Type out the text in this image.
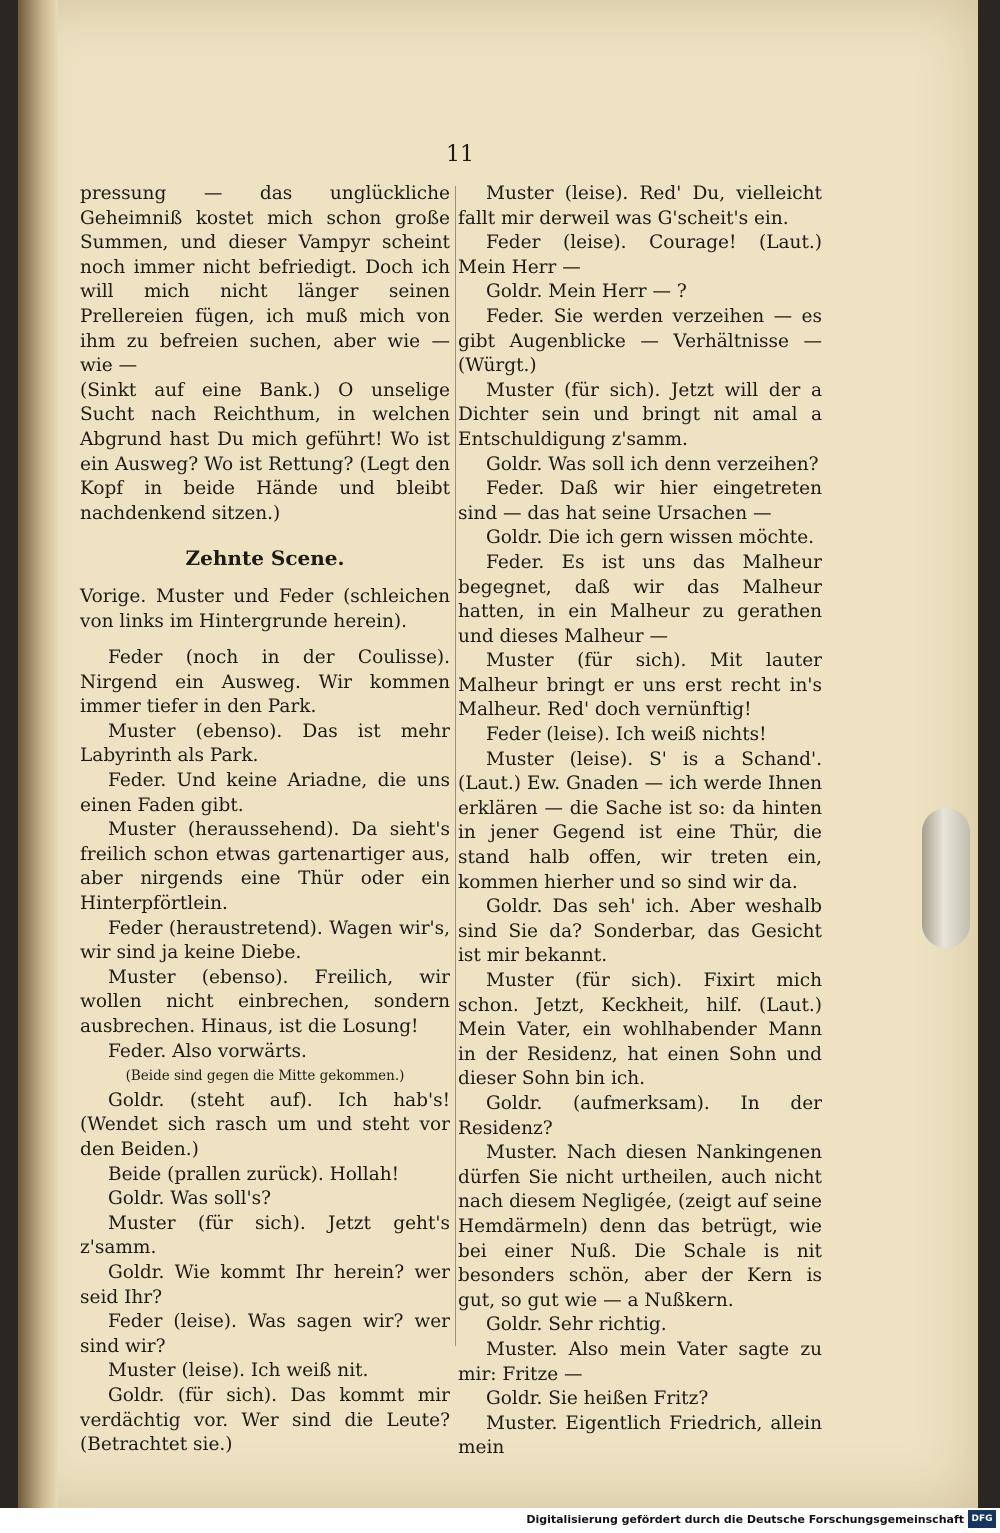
11

pressung — das unglückliche Geheimniß kostet mich schon große Summen, und dieser Vampyr scheint noch immer nicht befriedigt. Doch ich will mich nicht länger seinen Prellereien fügen, ich muß mich von ihm zu befreien suchen, aber wie — wie —

(Sinkt auf eine Bank.) O unselige Sucht nach Reichthum, in welchen Abgrund hast Du mich geführt! Wo ist ein Ausweg? Wo ist Rettung? (Legt den Kopf in beide Hände und bleibt nachdenkend sitzen.)

Zehnte Scene.

Vorige. Muster und Feder (schleichen von links im Hintergrunde herein).

Feder (noch in der Coulisse). Nirgend ein Ausweg. Wir kommen immer tiefer in den Park.

Muster (ebenso). Das ist mehr Labyrinth als Park.

Feder. Und keine Ariadne, die uns einen Faden gibt.

Muster (heraussehend). Da sieht's freilich schon etwas gartenartiger aus, aber nirgends eine Thür oder ein Hinterpförtlein.

Feder (heraustretend). Wagen wir's, wir sind ja keine Diebe.

Muster (ebenso). Freilich, wir wollen nicht einbrechen, sondern ausbrechen. Hinaus, ist die Losung!

Feder. Also vorwärts.

(Beide sind gegen die Mitte gekommen.)

Goldr. (steht auf). Ich hab's! (Wendet sich rasch um und steht vor den Beiden.)

Beide (prallen zurück). Hollah!

Goldr. Was soll's?

Muster (für sich). Jetzt geht's z'samm.

Goldr. Wie kommt Ihr herein? wer seid Ihr?

Feder (leise). Was sagen wir? wer sind wir?

Muster (leise). Ich weiß nit.

Goldr. (für sich). Das kommt mir verdächtig vor. Wer sind die Leute? (Betrachtet sie.)

Muster (leise). Red' Du, vielleicht fallt mir derweil was G'scheit's ein.

Feder (leise). Courage! (Laut.) Mein Herr —

Goldr. Mein Herr — ?

Feder. Sie werden verzeihen — es gibt Augenblicke — Verhältnisse — (Würgt.)

Muster (für sich). Jetzt will der a Dichter sein und bringt nit amal a Entschuldigung z'samm.

Goldr. Was soll ich denn verzeihen?

Feder. Daß wir hier eingetreten sind — das hat seine Ursachen —

Goldr. Die ich gern wissen möchte.

Feder. Es ist uns das Malheur begegnet, daß wir das Malheur hatten, in ein Malheur zu gerathen und dieses Malheur —

Muster (für sich). Mit lauter Malheur bringt er uns erst recht in's Malheur. Red' doch vernünftig!

Feder (leise). Ich weiß nichts!

Muster (leise). S' is a Schand'. (Laut.) Ew. Gnaden — ich werde Ihnen erklären — die Sache ist so: da hinten in jener Gegend ist eine Thür, die stand halb offen, wir treten ein, kommen hierher und so sind wir da.

Goldr. Das seh' ich. Aber weshalb sind Sie da? Sonderbar, das Gesicht ist mir bekannt.

Muster (für sich). Fixirt mich schon. Jetzt, Keckheit, hilf. (Laut.) Mein Vater, ein wohlhabender Mann in der Residenz, hat einen Sohn und dieser Sohn bin ich.

Goldr. (aufmerksam). In der Residenz?

Muster. Nach diesen Nankingenen dürfen Sie nicht urtheilen, auch nicht nach diesem Negligée, (zeigt auf seine Hemdärmeln) denn das betrügt, wie bei einer Nuß. Die Schale is nit besonders schön, aber der Kern is gut, so gut wie — a Nußkern.

Goldr. Sehr richtig.

Muster. Also mein Vater sagte zu mir: Fritze —

Goldr. Sie heißen Fritz?

Muster. Eigentlich Friedrich, allein mein

Digitalisierung gefördert durch die Deutsche Forschungsgemeinschaft DFG
